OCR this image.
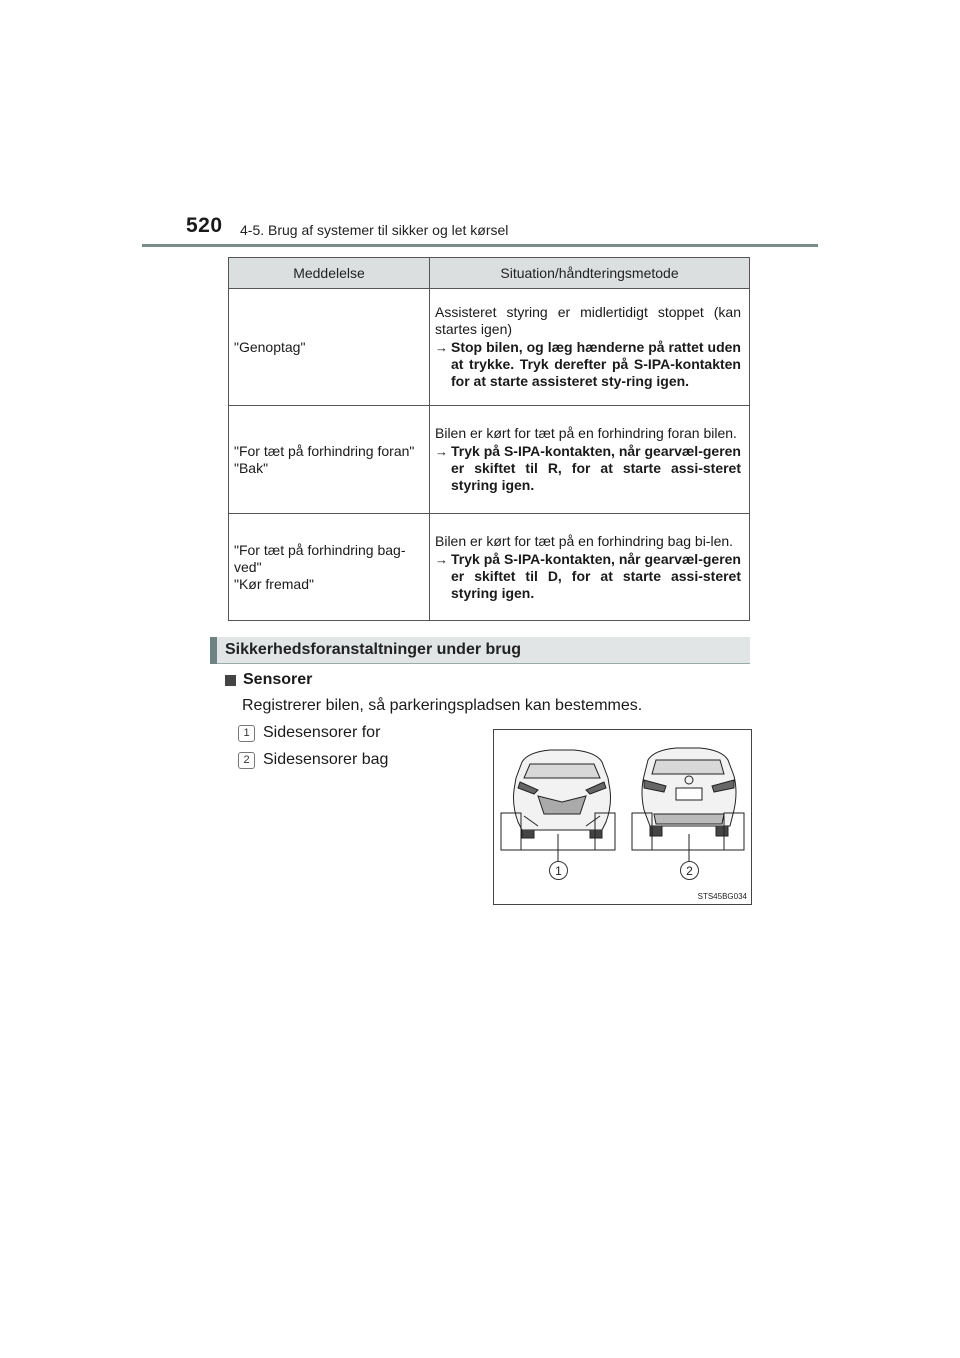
520 4-5. Brug af systemer til sikker og let kørsel
Meddelelse	Situation/håndteringsmetode
"Genoptag"	Assisteret styring er midlertidigt stoppet (kan startes igen)
→ Stop bilen, og læg hænderne på rattet uden at trykke. Tryk derefter på S-IPA-kontakten for at starte assisteret sty-ring igen.

"For tæt på forhindring foran"
"Bak"	Bilen er kørt for tæt på en forhindring foran bilen.
→ Tryk på S-IPA-kontakten, når gearvæl-geren er skiftet til R, for at starte assi-steret styring igen.

"For tæt på forhindring bag-ved"
"Kør fremad"	Bilen er kørt for tæt på en forhindring bag bi-len.
→ Tryk på S-IPA-kontakten, når gearvæl-geren er skiftet til D, for at starte assi-steret styring igen.
Sikkerhedsforanstaltninger under brug
Sensorer
Registrerer bilen, så parkeringspladsen kan bestemmes.
1 Sidesensorer for
2 Sidesensorer bag
1	2
STS45BG034
